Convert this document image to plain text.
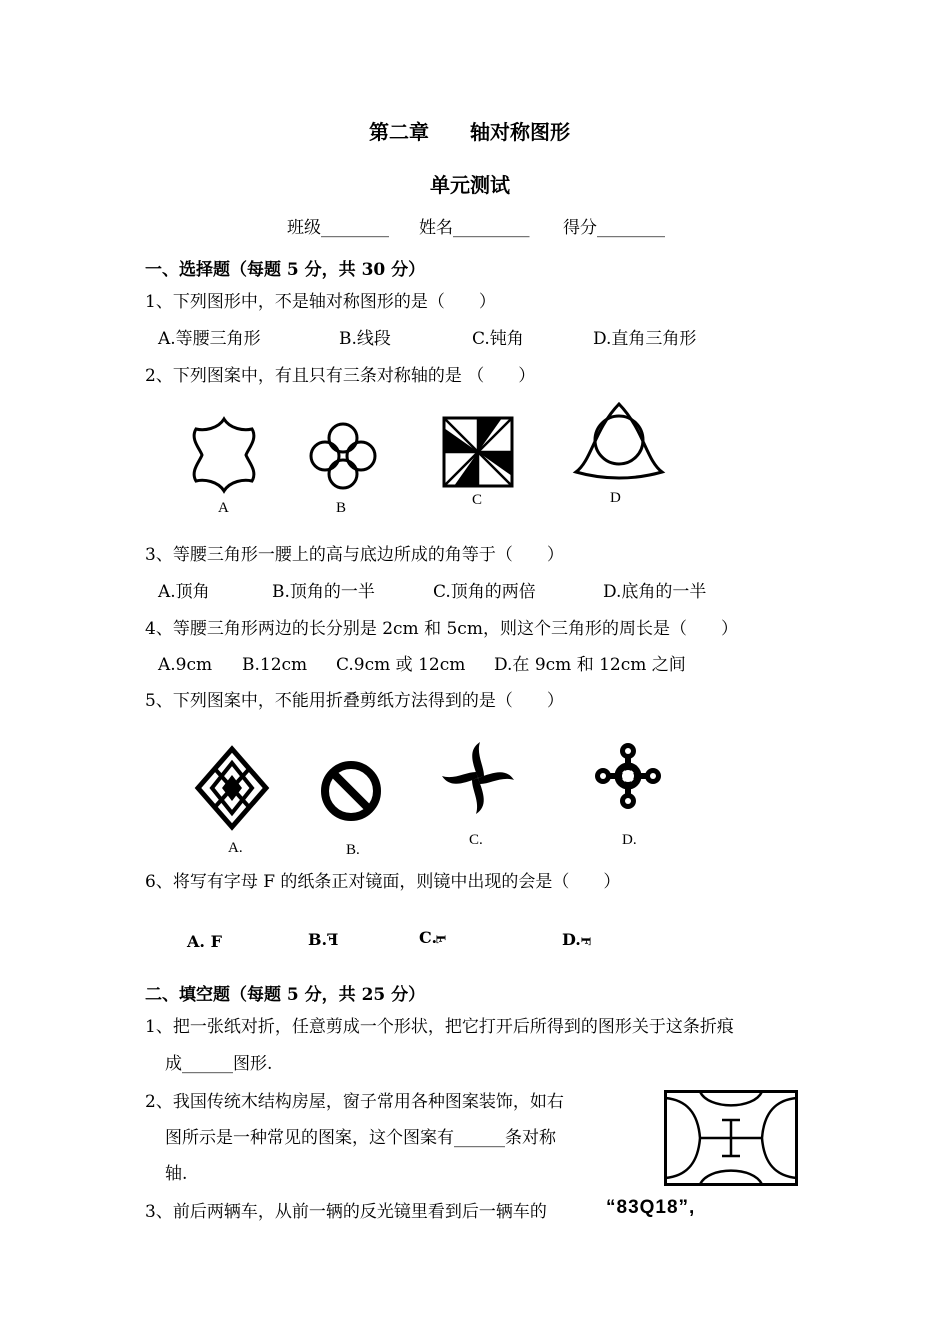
第二章 轴对称图形
单元测试
班级________ 姓名_________ 得分________
一、选择题（每题 5 分，共 30 分）
1、下列图形中，不是轴对称图形的是（　　）
A.等腰三角形	B.线段	C.钝角	D.直角三角形
2、下列图案中，有且只有三条对称轴的是 （　　）
A	B	C	D
3、等腰三角形一腰上的高与底边所成的角等于（　　）
A.顶角	B.顶角的一半	C.顶角的两倍	D.底角的一半
4、等腰三角形两边的长分别是 2cm 和 5cm，则这个三角形的周长是（　　）
A.9cm B.12cm C.9cm 或 12cm D.在 9cm 和 12cm 之间
5、下列图案中，不能用折叠剪纸方法得到的是（　　）
A.	B.
C.	D.
6、将写有字母 F 的纸条正对镜面，则镜中出现的会是（　　）
A. F	B.F	C.F	D.F
二、填空题（每题 5 分，共 25 分）
1、把一张纸对折，任意剪成一个形状，把它打开后所得到的图形关于这条折痕
成______图形.
2、我国传统木结构房屋，窗子常用各种图案装饰，如右
图所示是一种常见的图案，这个图案有______条对称
轴.
3、前后两辆车，从前一辆的反光镜里看到后一辆车的	“83Q18”,
